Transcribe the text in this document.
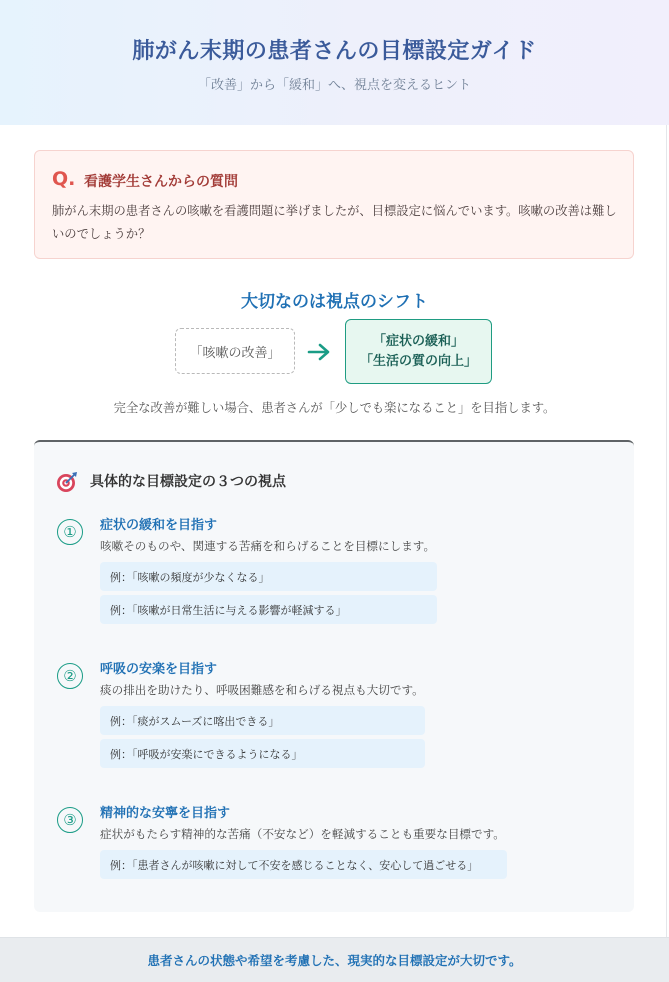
肺がん末期の患者さんの目標設定ガイド
「改善」から「緩和」へ、視点を変えるヒント
Q. 看護学生さんからの質問

肺がん末期の患者さんの咳嗽を看護問題に挙げましたが、目標設定に悩んでいます。咳嗽の改善は難しいのでしょうか？

大切なのは視点のシフト
「咳嗽の改善」
「症状の緩和」
「生活の質の向上」
完全な改善が難しい場合、患者さんが「少しでも楽になること」を目指します。
具体的な目標設定の３つの視点
①	症状の緩和を目指す
咳嗽そのものや、関連する苦痛を和らげることを目標にします。
例：「咳嗽の頻度が少なくなる」
例：「咳嗽が日常生活に与える影響が軽減する」
②	呼吸の安楽を目指す
痰の排出を助けたり、呼吸困難感を和らげる視点も大切です。
例：「痰がスムーズに喀出できる」
例：「呼吸が安楽にできるようになる」
③	精神的な安寧を目指す
症状がもたらす精神的な苦痛（不安など）を軽減することも重要な目標です。
例：「患者さんが咳嗽に対して不安を感じることなく、安心して過ごせる」
患者さんの状態や希望を考慮した、現実的な目標設定が大切です。
